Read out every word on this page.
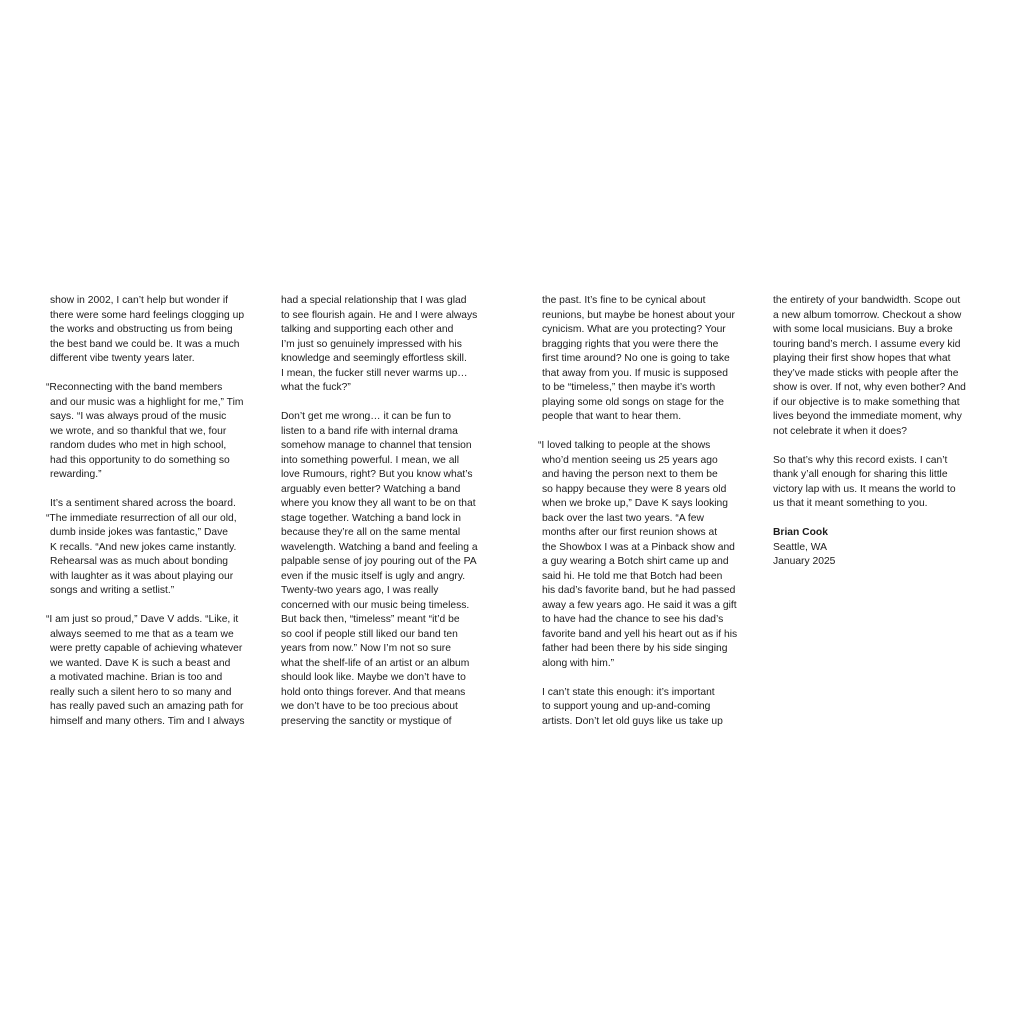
show in 2002, I can’t help but wonder if
there were some hard feelings clogging up
the works and obstructing us from being
the best band we could be. It was a much
different vibe twenty years later.
“Reconnecting with the band members
and our music was a highlight for me,” Tim
says. “I was always proud of the music
we wrote, and so thankful that we, four
random dudes who met in high school,
had this opportunity to do something so
rewarding.”
It’s a sentiment shared across the board.
“The immediate resurrection of all our old,
dumb inside jokes was fantastic,” Dave
K recalls. “And new jokes came instantly.
Rehearsal was as much about bonding
with laughter as it was about playing our
songs and writing a setlist.”
“I am just so proud,” Dave V adds. “Like, it
always seemed to me that as a team we
were pretty capable of achieving whatever
we wanted. Dave K is such a beast and
a motivated machine. Brian is too and
really such a silent hero to so many and
has really paved such an amazing path for
himself and many others. Tim and I always
had a special relationship that I was glad
to see flourish again. He and I were always
talking and supporting each other and
I’m just so genuinely impressed with his
knowledge and seemingly effortless skill.
I mean, the fucker still never warms up…
what the fuck?”
Don’t get me wrong… it can be fun to
listen to a band rife with internal drama
somehow manage to channel that tension
into something powerful. I mean, we all
love Rumours, right? But you know what’s
arguably even better? Watching a band
where you know they all want to be on that
stage together. Watching a band lock in
because they’re all on the same mental
wavelength. Watching a band and feeling a
palpable sense of joy pouring out of the PA
even if the music itself is ugly and angry.
Twenty-two years ago, I was really
concerned with our music being timeless.
But back then, “timeless” meant “it’d be
so cool if people still liked our band ten
years from now.” Now I’m not so sure
what the shelf-life of an artist or an album
should look like. Maybe we don’t have to
hold onto things forever. And that means
we don’t have to be too precious about
preserving the sanctity or mystique of
the past. It’s fine to be cynical about
reunions, but maybe be honest about your
cynicism. What are you protecting? Your
bragging rights that you were there the
first time around? No one is going to take
that away from you. If music is supposed
to be “timeless,” then maybe it’s worth
playing some old songs on stage for the
people that want to hear them.
“I loved talking to people at the shows
who’d mention seeing us 25 years ago
and having the person next to them be
so happy because they were 8 years old
when we broke up,” Dave K says looking
back over the last two years. “A few
months after our first reunion shows at
the Showbox I was at a Pinback show and
a guy wearing a Botch shirt came up and
said hi. He told me that Botch had been
his dad’s favorite band, but he had passed
away a few years ago. He said it was a gift
to have had the chance to see his dad’s
favorite band and yell his heart out as if his
father had been there by his side singing
along with him.”
I can’t state this enough: it’s important
to support young and up-and-coming
artists. Don’t let old guys like us take up
the entirety of your bandwidth. Scope out
a new album tomorrow. Checkout a show
with some local musicians. Buy a broke
touring band’s merch. I assume every kid
playing their first show hopes that what
they’ve made sticks with people after the
show is over. If not, why even bother? And
if our objective is to make something that
lives beyond the immediate moment, why
not celebrate it when it does?
So that’s why this record exists. I can’t
thank y’all enough for sharing this little
victory lap with us. It means the world to
us that it meant something to you.
Brian Cook
Seattle, WA
January 2025
